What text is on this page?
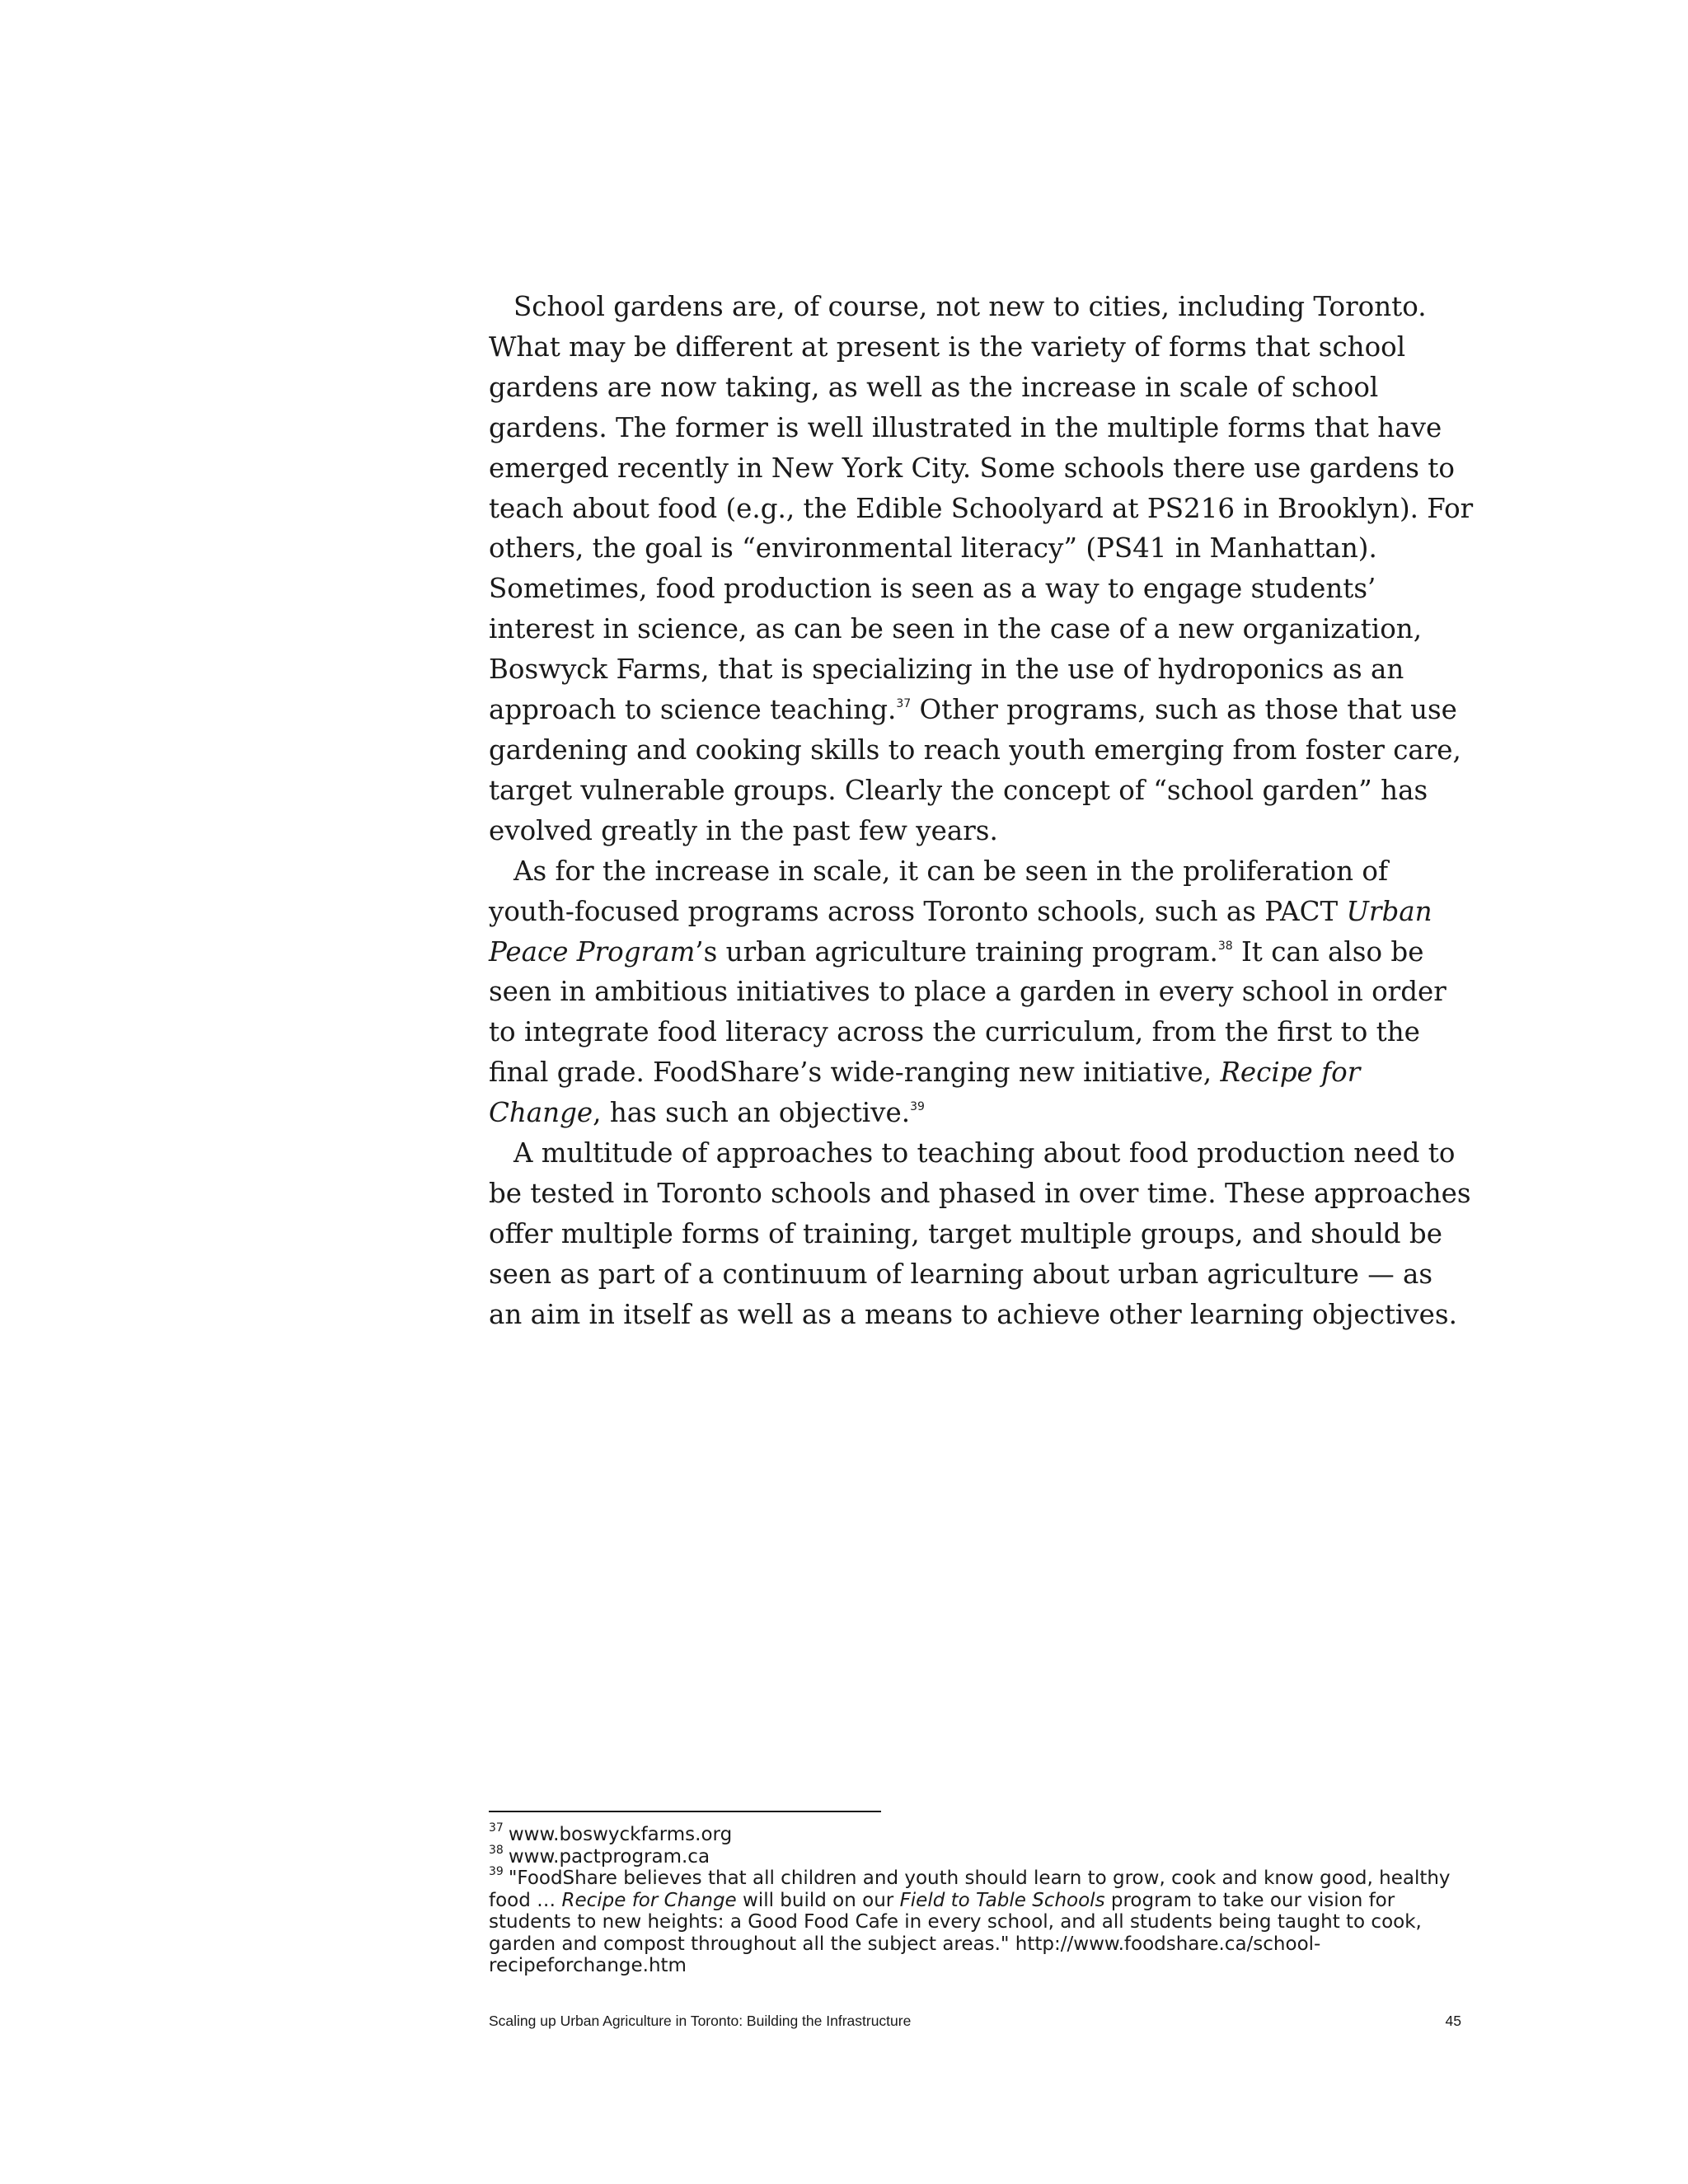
School gardens are, of course, not new to cities, including Toronto. What may be different at present is the variety of forms that school gardens are now taking, as well as the increase in scale of school gardens. The former is well illustrated in the multiple forms that have emerged recently in New York City. Some schools there use gardens to teach about food (e.g., the Edible Schoolyard at PS216 in Brooklyn). For others, the goal is “environmental literacy” (PS41 in Manhattan). Sometimes, food production is seen as a way to engage students’ interest in science, as can be seen in the case of a new organization, Boswyck Farms, that is specializing in the use of hydroponics as an approach to science teaching.$^{37}$ Other programs, such as those that use gardening and cooking skills to reach youth emerging from foster care, target vulnerable groups. Clearly the concept of “school garden” has evolved greatly in the past few years.

As for the increase in scale, it can be seen in the proliferation of youth-focused programs across Toronto schools, such as PACT Urban Peace Program’s urban agriculture training program.$^{38}$ It can also be seen in ambitious initiatives to place a garden in every school in order to integrate food literacy across the curriculum, from the first to the final grade. FoodShare’s wide-ranging new initiative, Recipe for Change, has such an objective.$^{39}$

A multitude of approaches to teaching about food production need to be tested in Toronto schools and phased in over time. These approaches offer multiple forms of training, target multiple groups, and should be seen as part of a continuum of learning about urban agriculture — as an aim in itself as well as a means to achieve other learning objectives.

$^{37}$ www.boswyckfarms.org

$^{38}$ www.pactprogram.ca

$^{39}$ "FoodShare believes that all children and youth should learn to grow, cook and know good, healthy food … Recipe for Change will build on our Field to Table Schools program to take our vision for students to new heights: a Good Food Cafe in every school, and all students being taught to cook, garden and compost throughout all the subject areas." http://www.foodshare.ca/school-recipeforchange.htm

Scaling up Urban Agriculture in Toronto: Building the Infrastructure	45
